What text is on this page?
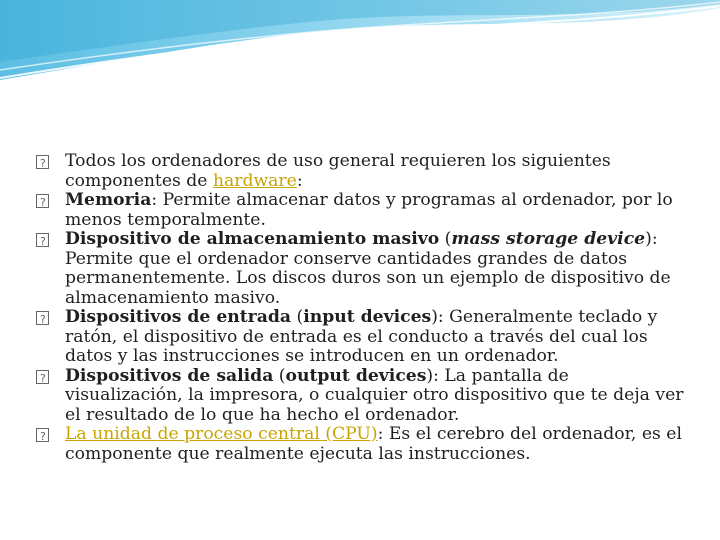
?
Todos los ordenadores de uso general requieren los siguientes componentes de hardware:
?
Memoria: Permite almacenar datos y programas al ordenador, por lo menos temporalmente.
?
Dispositivo de almacenamiento masivo (mass storage device): Permite que el ordenador conserve cantidades grandes de datos permanentemente. Los discos duros son un ejemplo de dispositivo de almacenamiento masivo.
?
Dispositivos de entrada (input devices): Generalmente teclado y ratón, el dispositivo de entrada es el conducto a través del cual los datos y las instrucciones se introducen en un ordenador.
?
Dispositivos de salida (output devices): La pantalla de visualización, la impresora, o cualquier otro dispositivo que te deja ver el resultado de lo que ha hecho el ordenador.
?
La unidad de proceso central (CPU): Es el cerebro del ordenador, es el componente que realmente ejecuta las instrucciones.
